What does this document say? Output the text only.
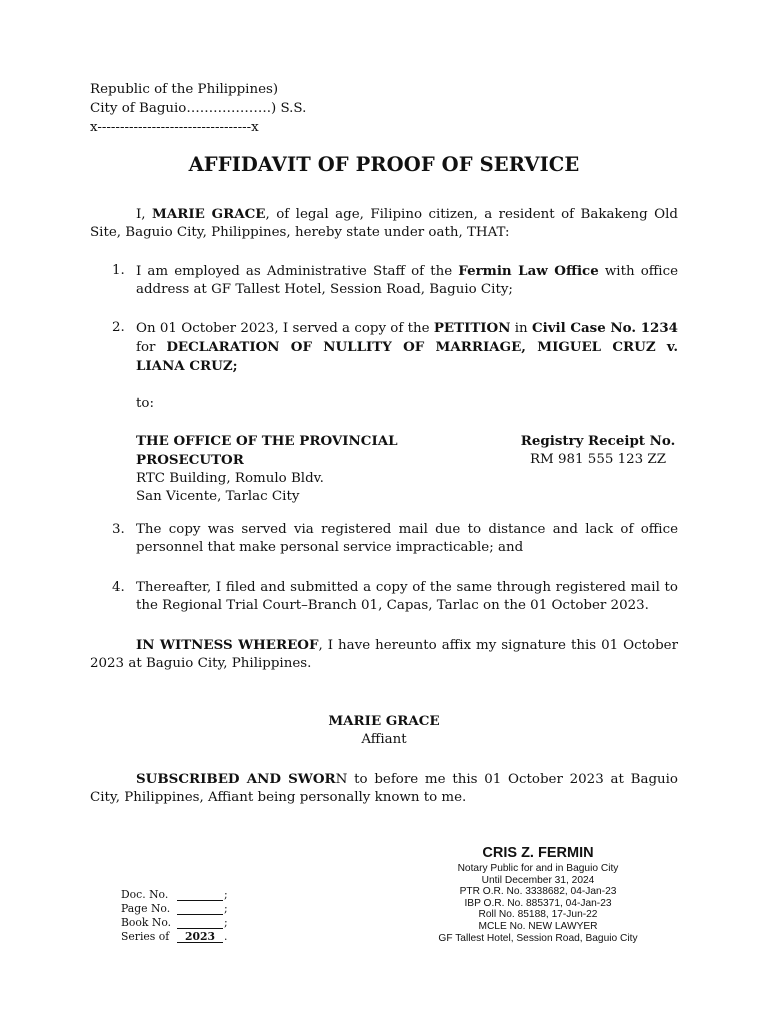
Republic of the Philippines)
City of Baguio……………….) S.S.
x----------------------------------x
AFFIDAVIT OF PROOF OF SERVICE
I, MARIE GRACE, of legal age, Filipino citizen, a resident of Bakakeng Old Site, Baguio City, Philippines, hereby state under oath, THAT:
1. I am employed as Administrative Staff of the Fermin Law Office with office address at GF Tallest Hotel, Session Road, Baguio City;
2. On 01 October 2023, I served a copy of the PETITION in Civil Case No. 1234 for DECLARATION OF NULLITY OF MARRIAGE, MIGUEL CRUZ v. LIANA CRUZ;
to:
THE OFFICE OF THE PROVINCIAL
PROSECUTOR
RTC Building, Romulo Bldv.
San Vicente, Tarlac City
Registry Receipt No.
RM 981 555 123 ZZ
3. The copy was served via registered mail due to distance and lack of office personnel that make personal service impracticable; and
4. Thereafter, I filed and submitted a copy of the same through registered mail to the Regional Trial Court–Branch 01, Capas, Tarlac on the 01 October 2023.
IN WITNESS WHEREOF, I have hereunto affix my signature this 01 October 2023 at Baguio City, Philippines.
MARIE GRACE
Affiant
SUBSCRIBED AND SWORN to before me this 01 October 2023 at Baguio City, Philippines, Affiant being personally known to me.
CRIS Z. FERMIN
Notary Public for and in Baguio City
Until December 31, 2024
PTR O.R. No. 3338682, 04-Jan-23
IBP O.R. No. 885371, 04-Jan-23
Roll No. 85188, 17-Jun-22
MCLE No. NEW LAWYER
GF Tallest Hotel, Session Road, Baguio City
Doc. No.	;
Page No.	;
Book No.	;
Series of	2023 .
